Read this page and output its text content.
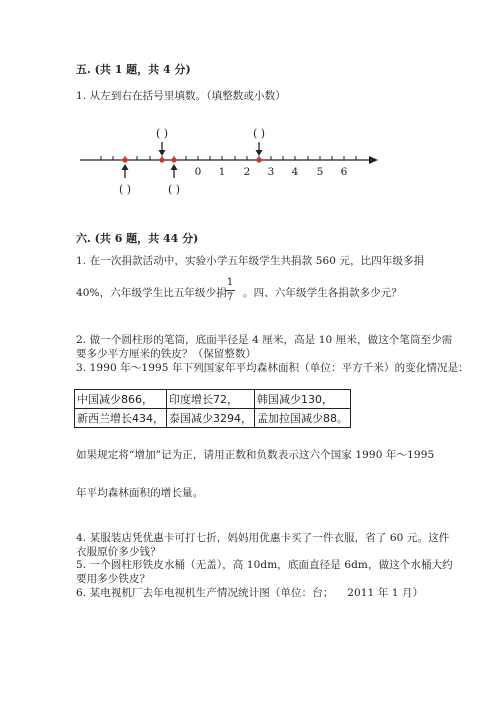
五. (共 1 题，共 4 分)
1. 从左到右在括号里填数。（填整数或小数）
0 1 2 3 4 5 6
( )	( )
( )	( )
六. (共 6 题，共 44 分)
1. 在一次捐款活动中，实验小学五年级学生共捐款 560 元，比四年级多捐
40%，六年级学生比五年级少捐
1
7 。四、六年级学生各捐款多少元？
2. 做一个圆柱形的笔筒，底面半径是 4 厘米，高是 10 厘米，做这个笔筒至少需
要多少平方厘米的铁皮？（保留整数）
3. 1990 年～1995 年下列国家年平均森林面积（单位：平方千米）的变化情况是：
中国减少866，	印度增长72，	韩国减少130，
新西兰增长434，	泰国减少3294，	孟加拉国减少88。
如果规定将“增加”记为正，请用正数和负数表示这六个国家 1990 年～1995
年平均森林面积的增长量。
4. 某服装店凭优惠卡可打七折，妈妈用优惠卡买了一件衣服，省了 60 元。这件
衣服原价多少钱？
5. 一个圆柱形铁皮水桶（无盖），高 10dm，底面直径是 6dm，做这个水桶大约
要用多少铁皮？
6. 某电视机厂去年电视机生产情况统计图（单位：台；    2011 年 1 月）
